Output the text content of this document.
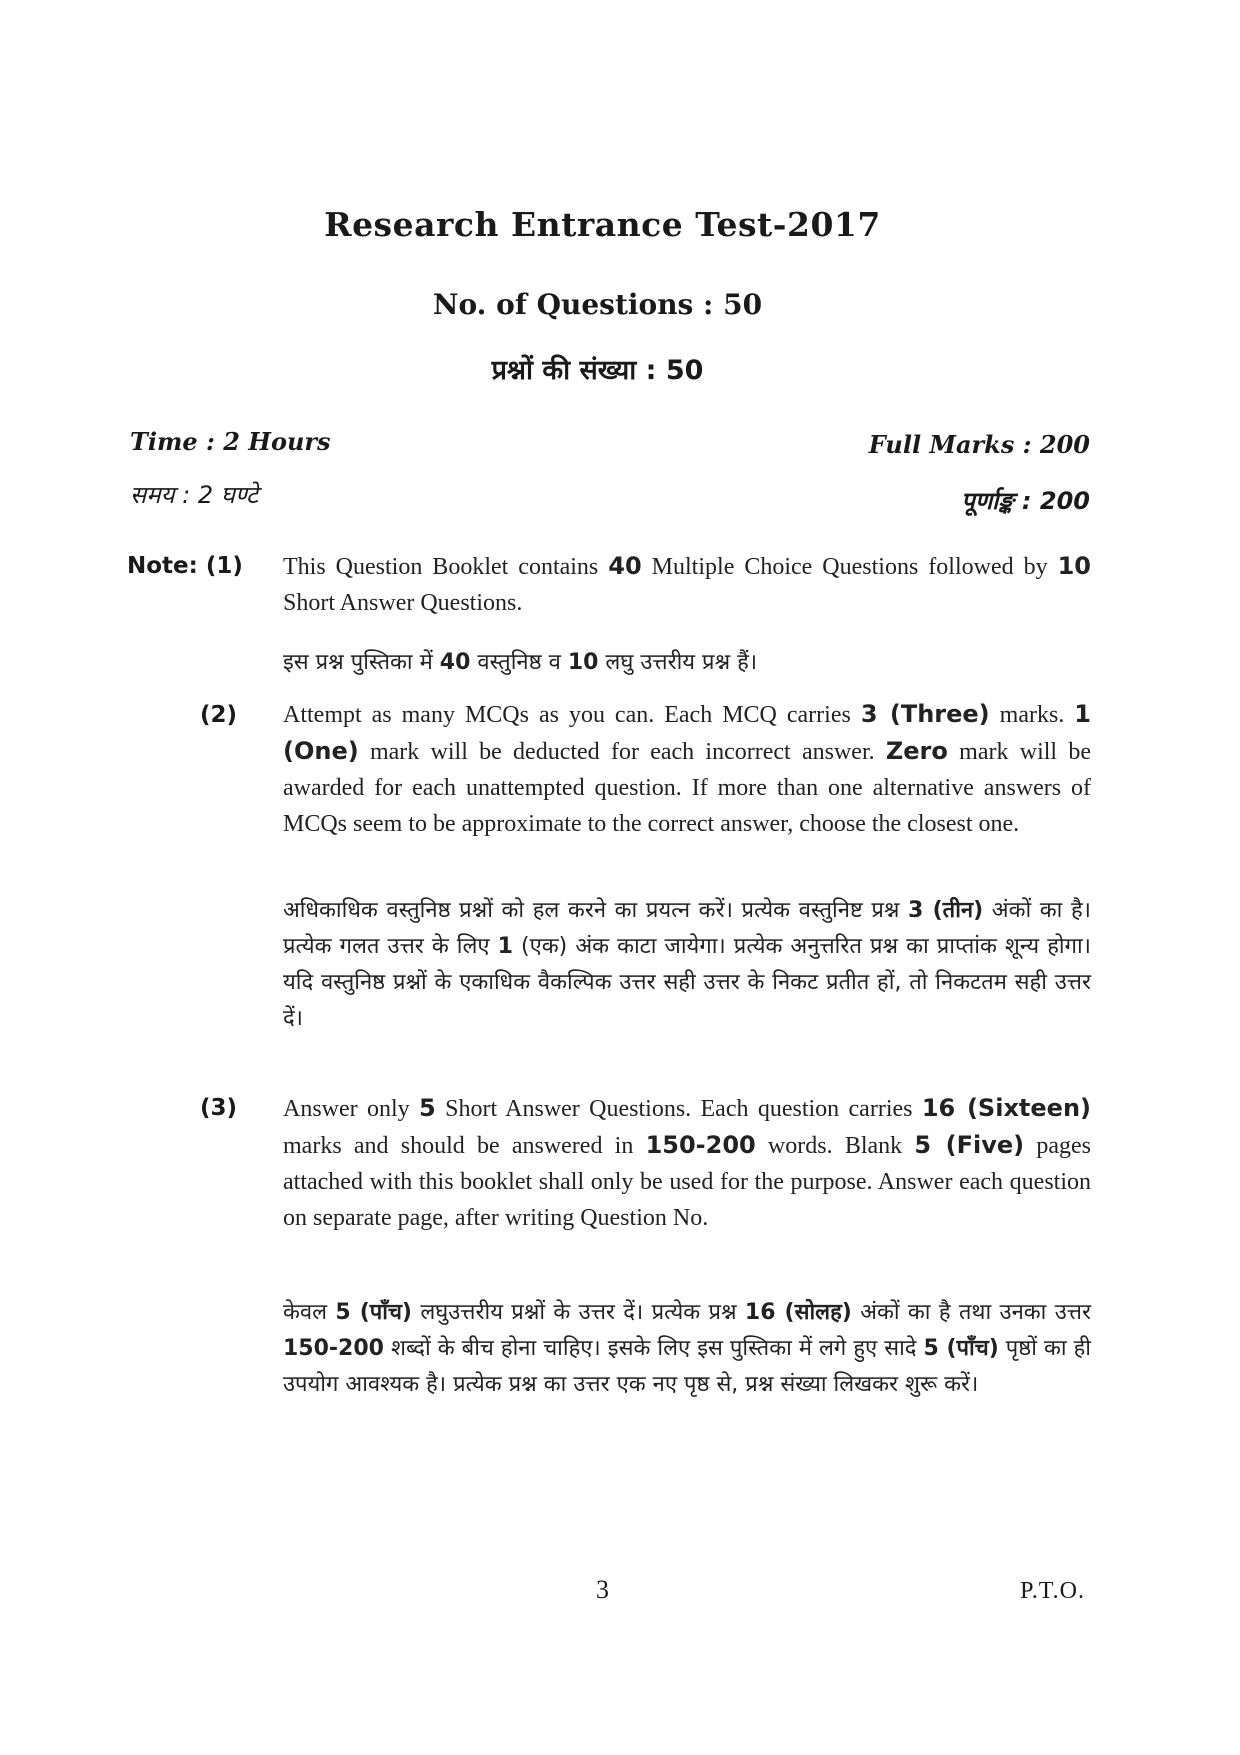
Research Entrance Test-2017
No. of Questions : 50
प्रश्नों की संख्या : 50
Time : 2 Hours
समय : 2 घण्टे
Full Marks : 200
पूर्णाङ्क : 200
Note: (1) This Question Booklet contains 40 Multiple Choice Questions followed by 10 Short Answer Questions.
इस प्रश्न पुस्तिका में 40 वस्तुनिष्ठ व 10 लघु उत्तरीय प्रश्न हैं।
(2) Attempt as many MCQs as you can. Each MCQ carries 3 (Three) marks. 1 (One) mark will be deducted for each incorrect answer. Zero mark will be awarded for each unattempted question. If more than one alternative answers of MCQs seem to be approximate to the correct answer, choose the closest one.
अधिकाधिक वस्तुनिष्ठ प्रश्नों को हल करने का प्रयत्न करें। प्रत्येक वस्तुनिष्ट प्रश्न 3 (तीन) अंकों का है। प्रत्येक गलत उत्तर के लिए 1 (एक) अंक काटा जायेगा। प्रत्येक अनुत्तरित प्रश्न का प्राप्तांक शून्य होगा। यदि वस्तुनिष्ठ प्रश्नों के एकाधिक वैकल्पिक उत्तर सही उत्तर के निकट प्रतीत हों, तो निकटतम सही उत्तर दें।
(3) Answer only 5 Short Answer Questions. Each question carries 16 (Sixteen) marks and should be answered in 150-200 words. Blank 5 (Five) pages attached with this booklet shall only be used for the purpose. Answer each question on separate page, after writing Question No.
केवल 5 (पाँच) लघुउत्तरीय प्रश्नों के उत्तर दें। प्रत्येक प्रश्न 16 (सोलह) अंकों का है तथा उनका उत्तर 150-200 शब्दों के बीच होना चाहिए। इसके लिए इस पुस्तिका में लगे हुए सादे 5 (पाँच) पृष्ठों का ही उपयोग आवश्यक है। प्रत्येक प्रश्न का उत्तर एक नए पृष्ठ से, प्रश्न संख्या लिखकर शुरू करें।
3	P.T.O.
